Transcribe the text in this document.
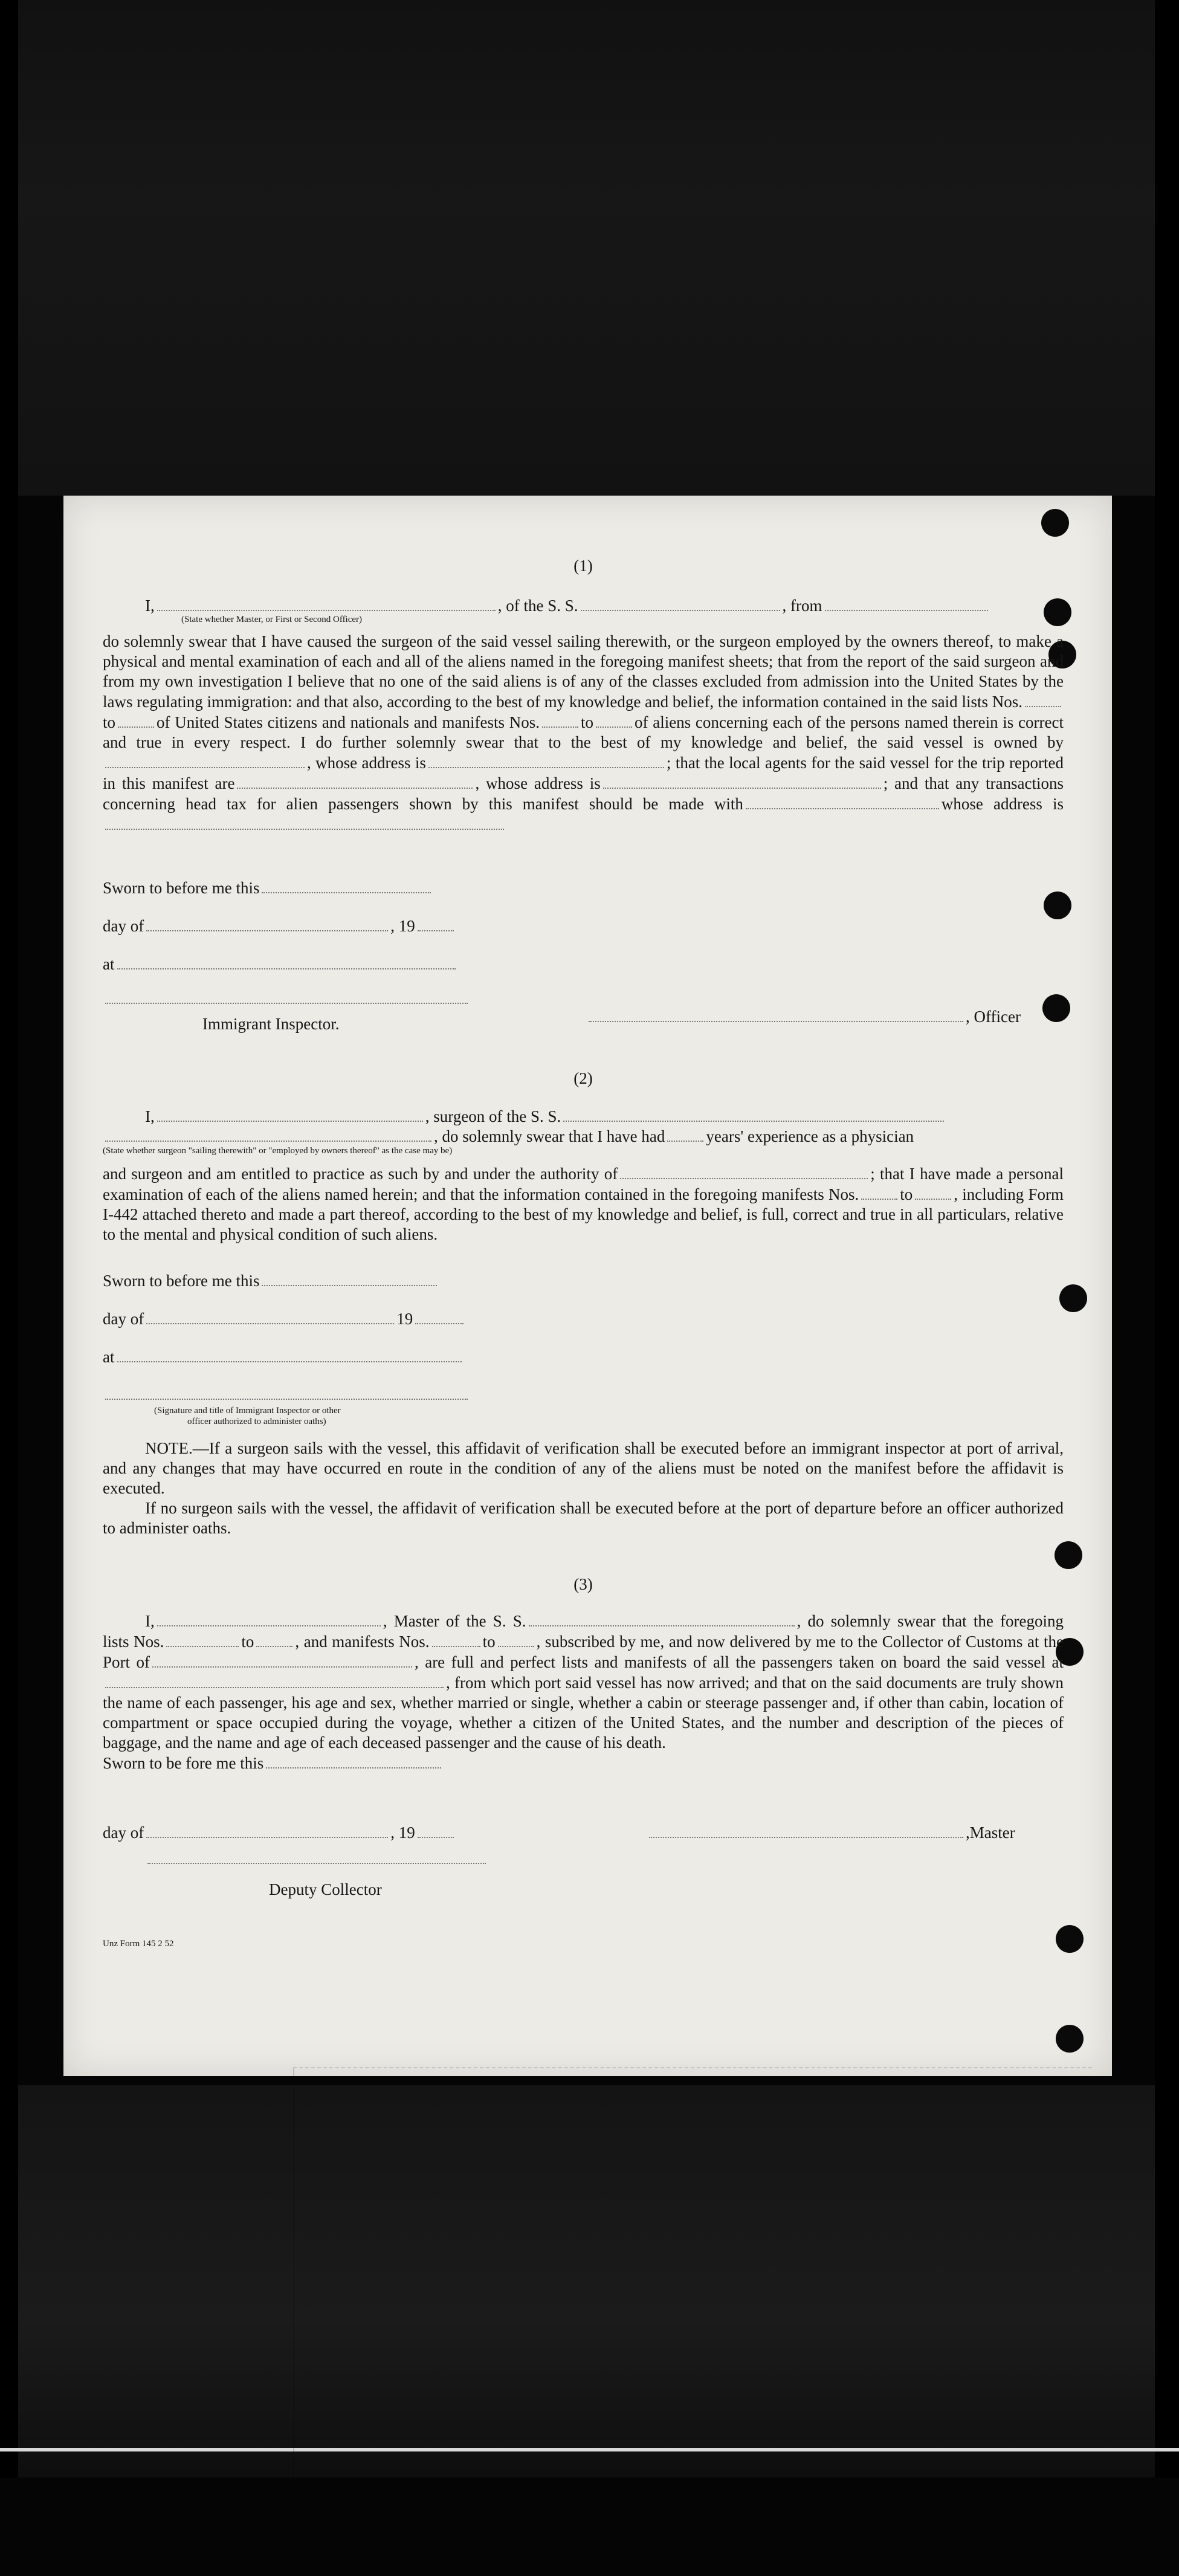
(1)
I,	, of the S. S.	, from
(State whether Master, or First or Second Officer)

do solemnly swear that I have caused the surgeon of the said vessel sailing therewith, or the surgeon employed by the owners thereof, to make a physical and mental examination of each and all of the aliens named in the foregoing manifest sheets; that from the report of the said surgeon and from my own investigation I believe that no one of the said aliens is of any of the classes excluded from admission into the United States by the laws regulating immigration: and that also, according to the best of my knowledge and belief, the information contained in the said lists Nos.to	of United States citizens and nationals and manifests Nos.	to	of aliens concerning each of the persons named therein is correct and true in every respect. I do further solemnly swear that to the best of my knowledge and belief, the said vessel is owned by, whose address is	; that the local agents for the said vessel for the trip reported in this manifest are	, whose address is	; and that any transactions concerning head tax for alien passengers shown by this manifest should be made with	whose address is

Sworn to before me this
day of	, 19
at
Immigrant Inspector.	, Officer
(2)
I,	, surgeon of the S. S.
, do solemnly swear that I have had	years' experience as a physician
(State whether surgeon "sailing therewith" or "employed by owners thereof" as the case may be)

and surgeon and am entitled to practice as such by and under the authority of	; that I have made a personal examination of each of the aliens named herein; and that the information contained in the foregoing manifests Nos.	to	, including Form I-442 attached thereto and made a part thereof, according to the best of my knowledge and belief, is full, correct and true in all particulars, relative to the mental and physical condition of such aliens.

Sworn to before me this
day of	19
at
(Signature and title of Immigrant Inspector or other
officer authorized to administer oaths)

NOTE.—If a surgeon sails with the vessel, this affidavit of verification shall be executed before an immigrant inspector at port of arrival, and any changes that may have occurred en route in the condition of any of the aliens must be noted on the manifest before the affidavit is executed.

If no surgeon sails with the vessel, the affidavit of verification shall be executed before at the port of departure before an officer authorized to administer oaths.

(3)

I,	, Master of the S. S.	, do solemnly swear that the foregoing lists Nos.	to	, and manifests Nos.	to	, subscribed by me, and now delivered by me to the Collector of Customs at the Port of	, are full and perfect lists and manifests of all the passengers taken on board the said vessel at, from which port said vessel has now arrived; and that on the said documents are truly shown the name of each passenger, his age and sex, whether married or single, whether a cabin or steerage passenger and, if other than cabin, location of compartment or space occupied during the voyage, whether a citizen of the United States, and the number and description of the pieces of baggage, and the name and age of each deceased passenger and the cause of his death.

Sworn to be fore me this

day of	, 19	,Master
Deputy Collector
Unz Form 145 2 52
